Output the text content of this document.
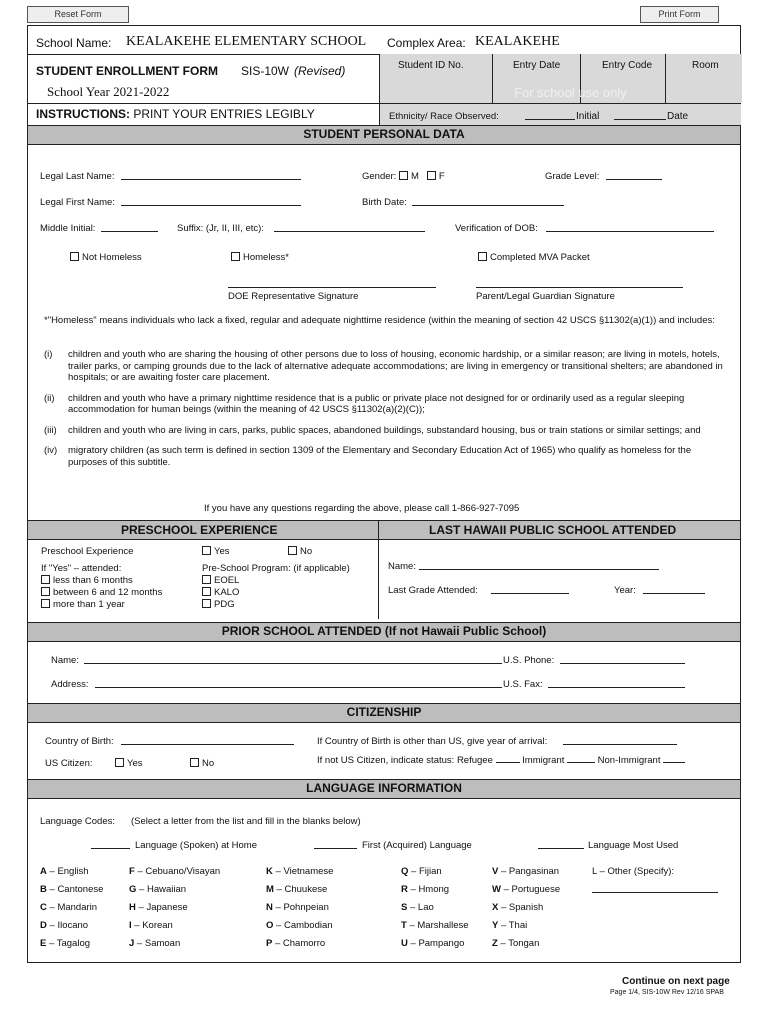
Reset Form	Print Form
School Name: KEALAKEHE ELEMENTARY SCHOOL Complex Area: KEALAKEHE
STUDENT ENROLLMENT FORM SIS-10W (Revised)
School Year 2021-2022
Student ID No.	Entry Date	Entry Code	Room
For school use only
INSTRUCTIONS: PRINT YOUR ENTRIES LEGIBLY	Ethnicity/ Race Observed:	Initial	Date
STUDENT PERSONAL DATA
Legal Last Name:	Gender: M F	Grade Level:
Legal First Name:	Birth Date:
Middle Initial:	Suffix: (Jr, II, III, etc):	Verification of DOB:
Not Homeless	Homeless*	Completed MVA Packet
DOE Representative Signature	Parent/Legal Guardian Signature
*"Homeless" means individuals who lack a fixed, regular and adequate nighttime residence (within the meaning of section 42 USCS §11302(a)(1)) and includes:
(i)	children and youth who are sharing the housing of other persons due to loss of housing, economic hardship, or a similar reason; are living in motels, hotels, trailer parks, or camping grounds due to the lack of alternative adequate accommodations; are living in emergency or transitional shelters; are abandoned in hospitals; or are awaiting foster care placement.
(ii)	children and youth who have a primary nighttime residence that is a public or private place not designed for or ordinarily used as a regular sleeping accommodation for human beings (within the meaning of 42 USCS §11302(a)(2)(C));
(iii)	children and youth who are living in cars, parks, public spaces, abandoned buildings, substandard housing, bus or train stations or similar settings; and
(iv)	migratory children (as such term is defined in section 1309 of the Elementary and Secondary Education Act of 1965) who qualify as homeless for the purposes of this subtitle.
If you have any questions regarding the above, please call 1-866-927-7095
PRESCHOOL EXPERIENCE	LAST HAWAII PUBLIC SCHOOL ATTENDED
Preschool Experience	Yes	No
If "Yes" – attended:
less than 6 months
between 6 and 12 months
more than 1 year
Pre-School Program: (if applicable)
EOEL
KALO
PDG
Name:
Last Grade Attended:	Year:
PRIOR SCHOOL ATTENDED (If not Hawaii Public School)
Name:	U.S. Phone:
Address:	U.S. Fax:
CITIZENSHIP
Country of Birth:	If Country of Birth is other than US, give year of arrival:
US Citizen:	Yes	No	If not US Citizen, indicate status: Refugee	Immigrant	Non-Immigrant
LANGUAGE INFORMATION
Language Codes: (Select a letter from the list and fill in the blanks below)
Language (Spoken) at Home	First (Acquired) Language	Language Most Used
A – English
B – Cantonese
C – Mandarin
D – Ilocano
E – Tagalog
F – Cebuano/Visayan
G – Hawaiian
H – Japanese
I – Korean
J – Samoan
K – Vietnamese
M – Chuukese
N – Pohnpeian
O – Cambodian
P – Chamorro
Q – Fijian
R – Hmong
S – Lao
T – Marshallese
U – Pampango
V – Pangasinan
W – Portuguese
X – Spanish
Y – Thai
Z – Tongan
L – Other (Specify):
Continue on next page
Page 1/4, SIS-10W Rev 12/16 SPAB
